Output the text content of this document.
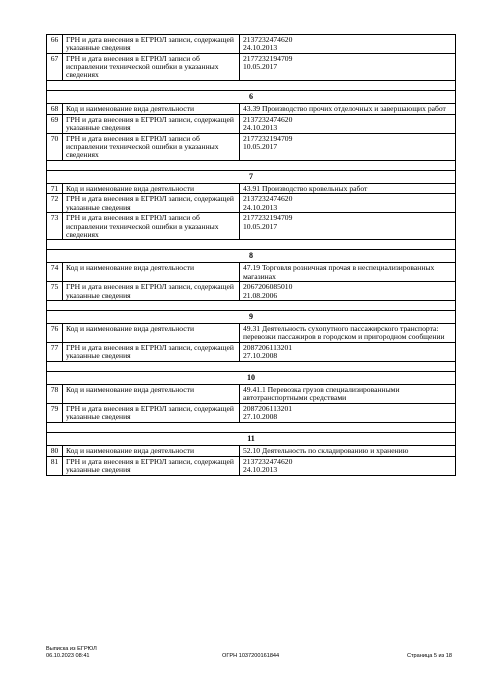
66	ГРН и дата внесения в ЕГРЮЛ записи, содержащей указанные сведения	2137232474620
24.10.2013
67	ГРН и дата внесения в ЕГРЮЛ записи об исправлении технической ошибки в указанных сведениях	2177232194709
10.05.2017

6		
68	Код и наименование вида деятельности	43.39 Производство прочих отделочных и завершающих работ
69	ГРН и дата внесения в ЕГРЮЛ записи, содержащей указанные сведения	2137232474620
24.10.2013
70	ГРН и дата внесения в ЕГРЮЛ записи об исправлении технической ошибки в указанных сведениях	2177232194709
10.05.2017

7		
71	Код и наименование вида деятельности	43.91 Производство кровельных работ
72	ГРН и дата внесения в ЕГРЮЛ записи, содержащей указанные сведения	2137232474620
24.10.2013
73	ГРН и дата внесения в ЕГРЮЛ записи об исправлении технической ошибки в указанных сведениях	2177232194709
10.05.2017

8		
74	Код и наименование вида деятельности	47.19 Торговля розничная прочая в неспециализированных магазинах
75	ГРН и дата внесения в ЕГРЮЛ записи, содержащей указанные сведения	2067206085010
21.08.2006

9		
76	Код и наименование вида деятельности	49.31 Деятельность сухопутного пассажирского транспорта: перевозки пассажиров в городском и пригородном сообщении
77	ГРН и дата внесения в ЕГРЮЛ записи, содержащей указанные сведения	2087206113201
27.10.2008

10		
78	Код и наименование вида деятельности	49.41.1 Перевозка грузов специализированными автотранспортными средствами
79	ГРН и дата внесения в ЕГРЮЛ записи, содержащей указанные сведения	2087206113201
27.10.2008

11		
80	Код и наименование вида деятельности	52.10 Деятельность по складированию и хранению
81	ГРН и дата внесения в ЕГРЮЛ записи, содержащей указанные сведения	2137232474620
24.10.2013
Выписка из ЕГРЮЛ
06.10.2023 08:41	ОГРН 1037200161844	Страница 5 из 18
